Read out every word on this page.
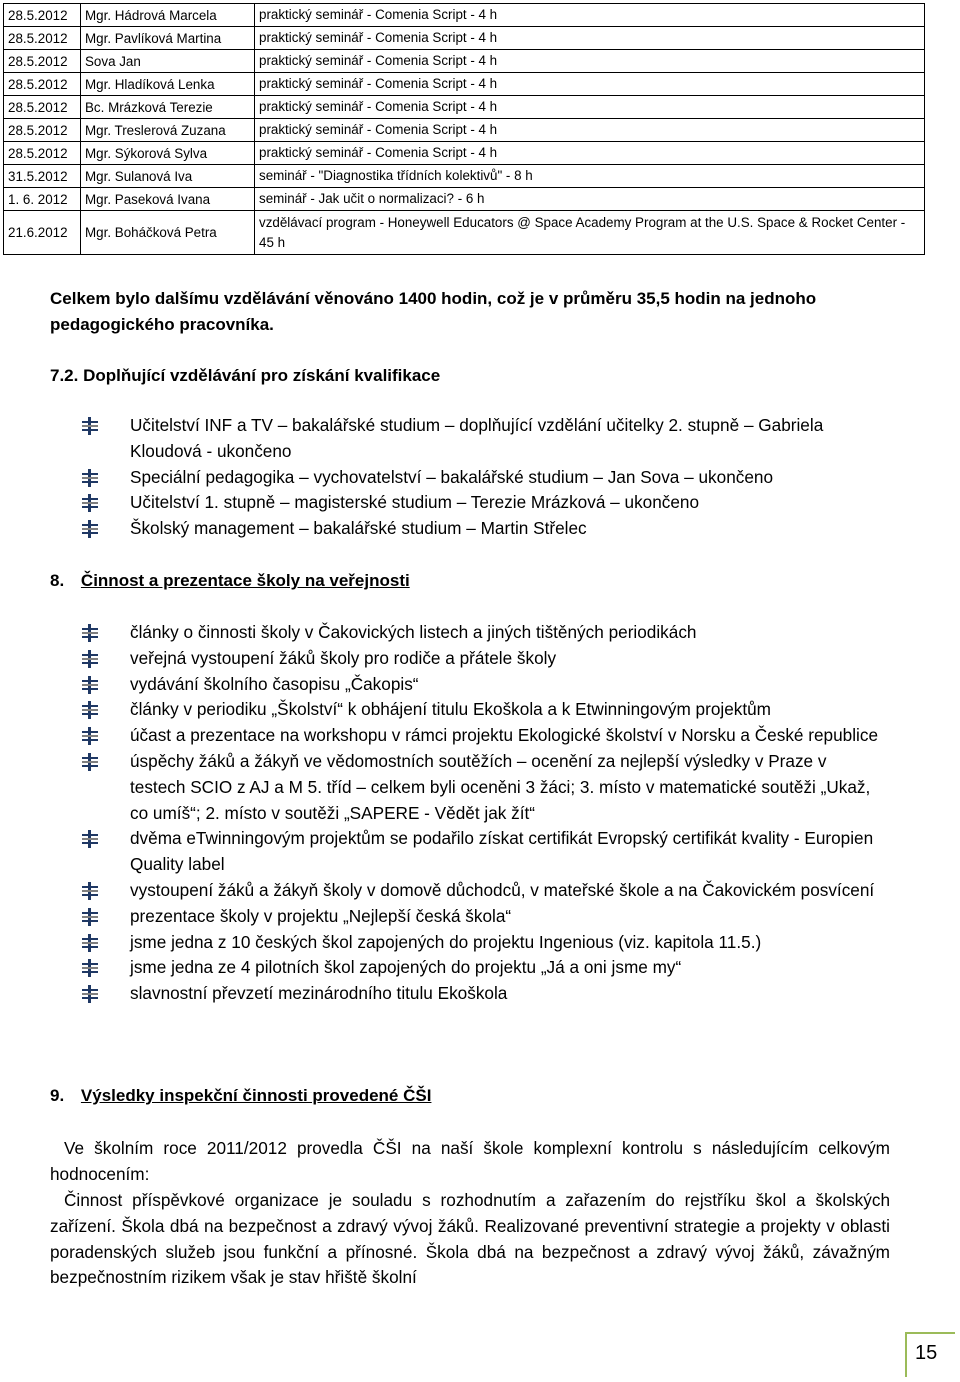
28.5.2012	Mgr. Hádrová Marcela	praktický seminář - Comenia Script - 4 h
28.5.2012	Mgr. Pavlíková Martina	praktický seminář - Comenia Script - 4 h
28.5.2012	Sova Jan	praktický seminář - Comenia Script - 4 h
28.5.2012	Mgr. Hladíková Lenka	praktický seminář - Comenia Script - 4 h
28.5.2012	Bc. Mrázková Terezie	praktický seminář - Comenia Script - 4 h
28.5.2012	Mgr. Treslerová Zuzana	praktický seminář - Comenia Script - 4 h
28.5.2012	Mgr. Sýkorová Sylva	praktický seminář - Comenia Script - 4 h
31.5.2012	Mgr. Sulanová Iva	seminář - "Diagnostika třídních kolektivů" - 8 h
1. 6. 2012	Mgr. Paseková Ivana	seminář - Jak učit o normalizaci? - 6 h
21.6.2012	Mgr. Boháčková Petra	vzdělávací program - Honeywell Educators @ Space Academy Program at the U.S. Space & Rocket Center - 45 h
Celkem bylo dalšímu vzdělávání věnováno 1400 hodin, což je v průměru 35,5 hodin na jednoho pedagogického pracovníka.
7.2. Doplňující vzdělávání pro získání kvalifikace
Učitelství INF a TV – bakalářské studium – doplňující vzdělání učitelky 2. stupně – Gabriela Kloudová - ukončeno
Speciální pedagogika – vychovatelství – bakalářské studium – Jan Sova – ukončeno
Učitelství 1. stupně – magisterské studium – Terezie Mrázková – ukončeno
Školský management – bakalářské studium – Martin Střelec
8. Činnost a prezentace školy na veřejnosti
články o činnosti školy v Čakovických listech a jiných tištěných periodikách
veřejná vystoupení žáků školy pro rodiče a přátele školy
vydávání školního časopisu „Čakopis“
články v periodiku „Školství“ k obhájení titulu Ekoškola a k Etwinningovým projektům
účast a prezentace na workshopu v rámci projektu Ekologické školství v Norsku a České republice
úspěchy žáků a žákyň ve vědomostních soutěžích – ocenění za nejlepší výsledky v Praze v testech SCIO z AJ a M 5. tříd – celkem byli oceněni 3 žáci; 3. místo v matematické soutěži „Ukaž, co umíš“; 2. místo v soutěži „SAPERE - Vědět jak žít“
dvěma eTwinningovým projektům se podařilo získat certifikát Evropský certifikát kvality - Europien Quality label
vystoupení žáků a žákyň školy v domově důchodců, v mateřské škole a na Čakovickém posvícení
prezentace školy v projektu „Nejlepší česká škola“
jsme jedna z 10 českých škol zapojených do projektu Ingenious (viz. kapitola 11.5.)
jsme jedna ze 4 pilotních škol zapojených do projektu „Já a oni jsme my“
slavnostní převzetí mezinárodního titulu Ekoškola
9. Výsledky inspekční činnosti provedené ČŠI
Ve školním roce 2011/2012 provedla ČŠI na naší škole komplexní kontrolu s následujícím celkovým hodnocením:
Činnost příspěvkové organizace je souladu s rozhodnutím a zařazením do rejstříku škol a školských zařízení. Škola dbá na bezpečnost a zdravý vývoj žáků. Realizované preventivní strategie a projekty v oblasti poradenských služeb jsou funkční a přínosné. Škola dbá na bezpečnost a zdravý vývoj žáků, závažným bezpečnostním rizikem však je stav hřiště školní
15
